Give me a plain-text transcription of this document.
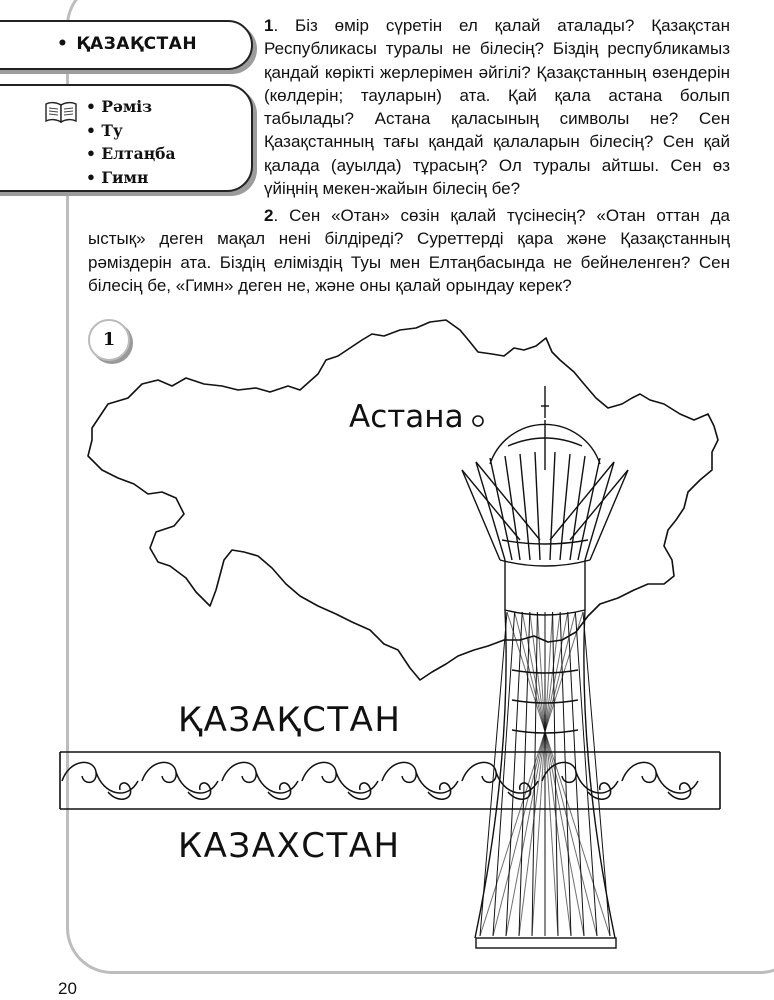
• ҚАЗАҚСТАН
• Рәміз
• Ту
• Елтаңба
• Гимн

1. Біз өмір сүретін ел қалай аталады? Қазақстан Республикасы туралы не білесің? Біздің республикамыз қандай көрікті жерлерімен әйгілі? Қазақстанның өзендерін (көлдерін; тауларын) ата. Қай қала астана болып табылады? Астана қаласының символы не? Сен Қазақстанның тағы қандай қалаларын білесің? Сен қай қалада (ауылда) тұрасың? Ол туралы айтшы. Сен өз үйіңнің мекен-жайын білесің бе?

2. Сен «Отан» сөзін қалай түсінесің? «Отан оттан да ыстық» деген мақал нені білдіреді? Суреттерді қара және Қазақстанның рәміздерін ата. Біздің еліміздің Туы мен Елтаңбасында не бейнеленген? Сен білесің бе, «Гимн» деген не, және оны қалай орындау керек?

1
Астана
ҚАЗАҚСТАН
КАЗАХСТАН
20
